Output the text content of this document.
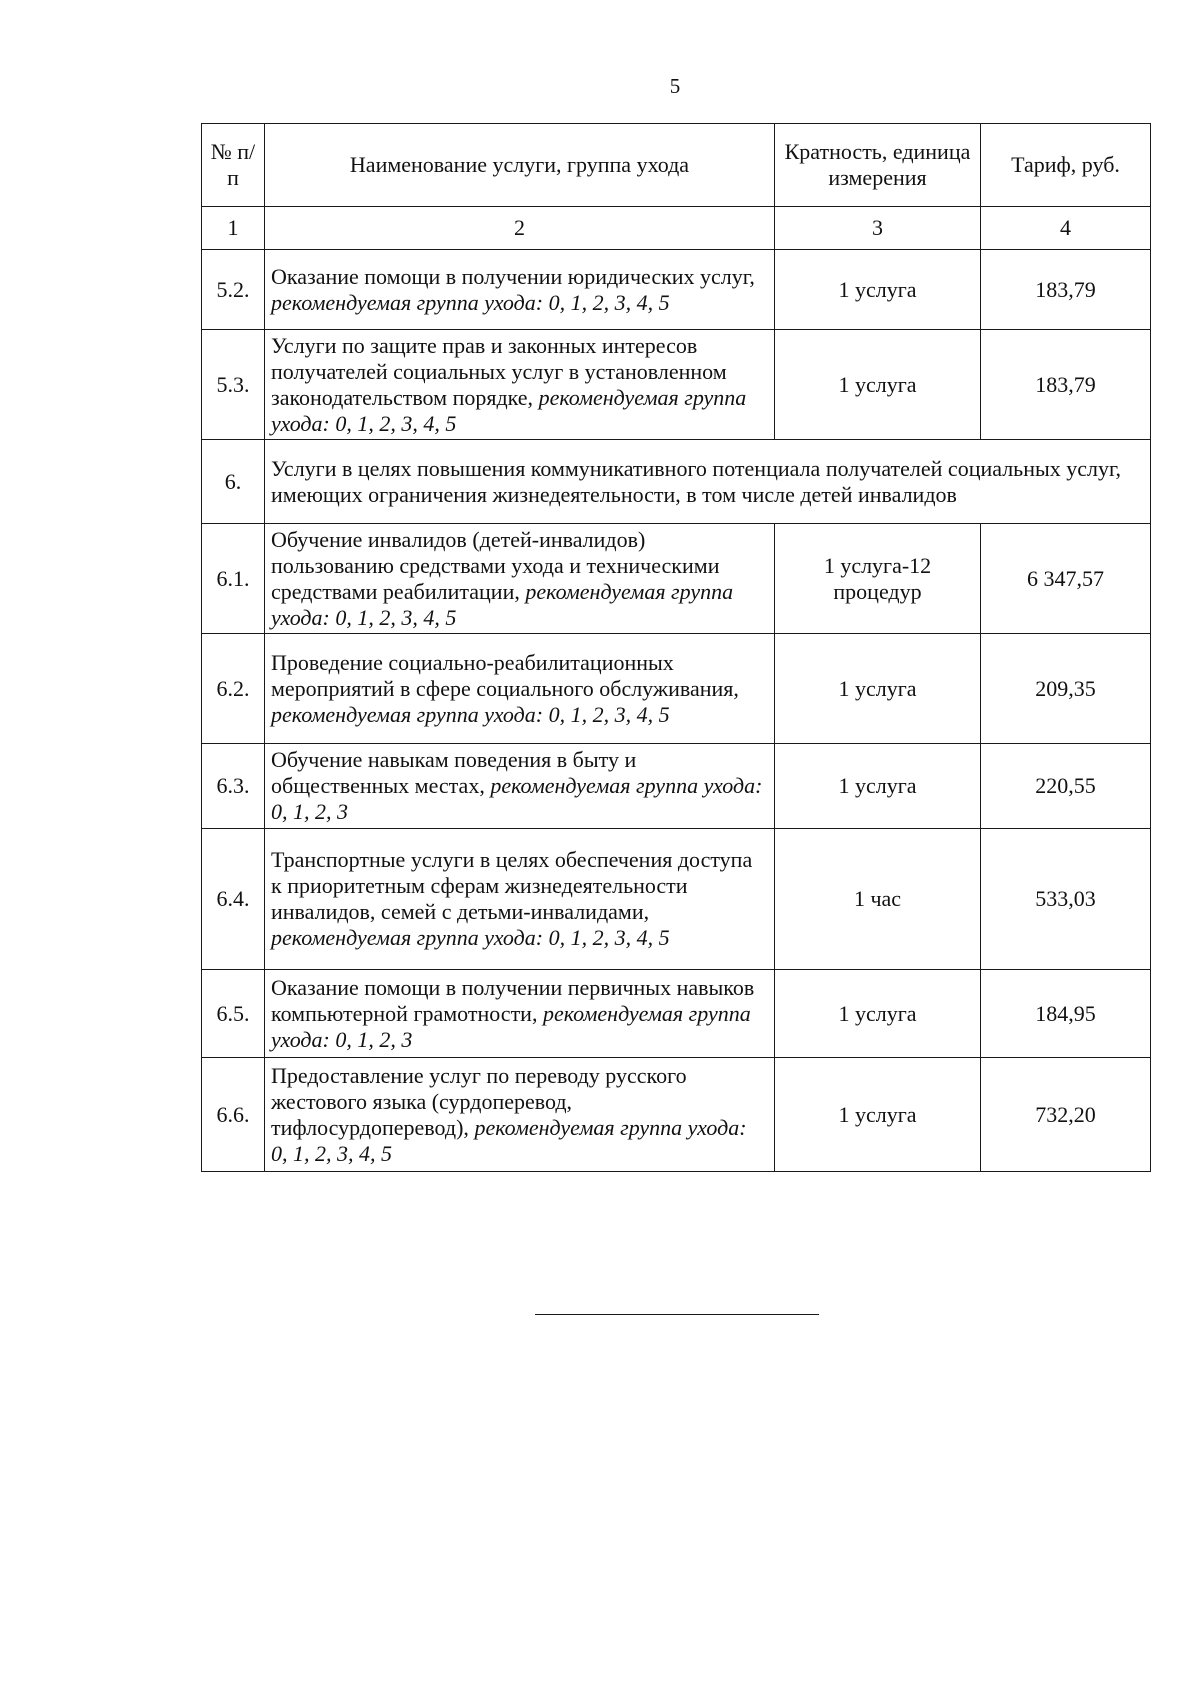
5
№ п/п	Наименование услуги, группа ухода	Кратность, единица измерения	Тариф, руб.
1	2	3	4
5.2.	Оказание помощи в получении юридических услуг, рекомендуемая группа ухода: 0, 1, 2, 3, 4, 5	1 услуга	183,79
5.3.	Услуги по защите прав и законных интересов получателей социальных услуг в установленном законодательством порядке, рекомендуемая группа ухода: 0, 1, 2, 3, 4, 5	1 услуга	183,79
6.	Услуги в целях повышения коммуникативного потенциала получателей социальных услуг, имеющих ограничения жизнедеятельности, в том числе детей инвалидов		
6.1.	Обучение инвалидов (детей-инвалидов) пользованию средствами ухода и техническими средствами реабилитации, рекомендуемая группа ухода: 0, 1, 2, 3, 4, 5	1 услуга-12 процедур	6 347,57
6.2.	Проведение социально-реабилитационных мероприятий в сфере социального обслуживания, рекомендуемая группа ухода: 0, 1, 2, 3, 4, 5	1 услуга	209,35
6.3.	Обучение навыкам поведения в быту и общественных местах, рекомендуемая группа ухода: 0, 1, 2, 3	1 услуга	220,55
6.4.	Транспортные услуги в целях обеспечения доступа к приоритетным сферам жизнедеятельности инвалидов, семей с детьми-инвалидами, рекомендуемая группа ухода: 0, 1, 2, 3, 4, 5	1 час	533,03
6.5.	Оказание помощи в получении первичных навыков компьютерной грамотности, рекомендуемая группа ухода: 0, 1, 2, 3	1 услуга	184,95
6.6.	Предоставление услуг по переводу русского жестового языка (сурдоперевод, тифлосурдоперевод), рекомендуемая группа ухода: 0, 1, 2, 3, 4, 5	1 услуга	732,20
